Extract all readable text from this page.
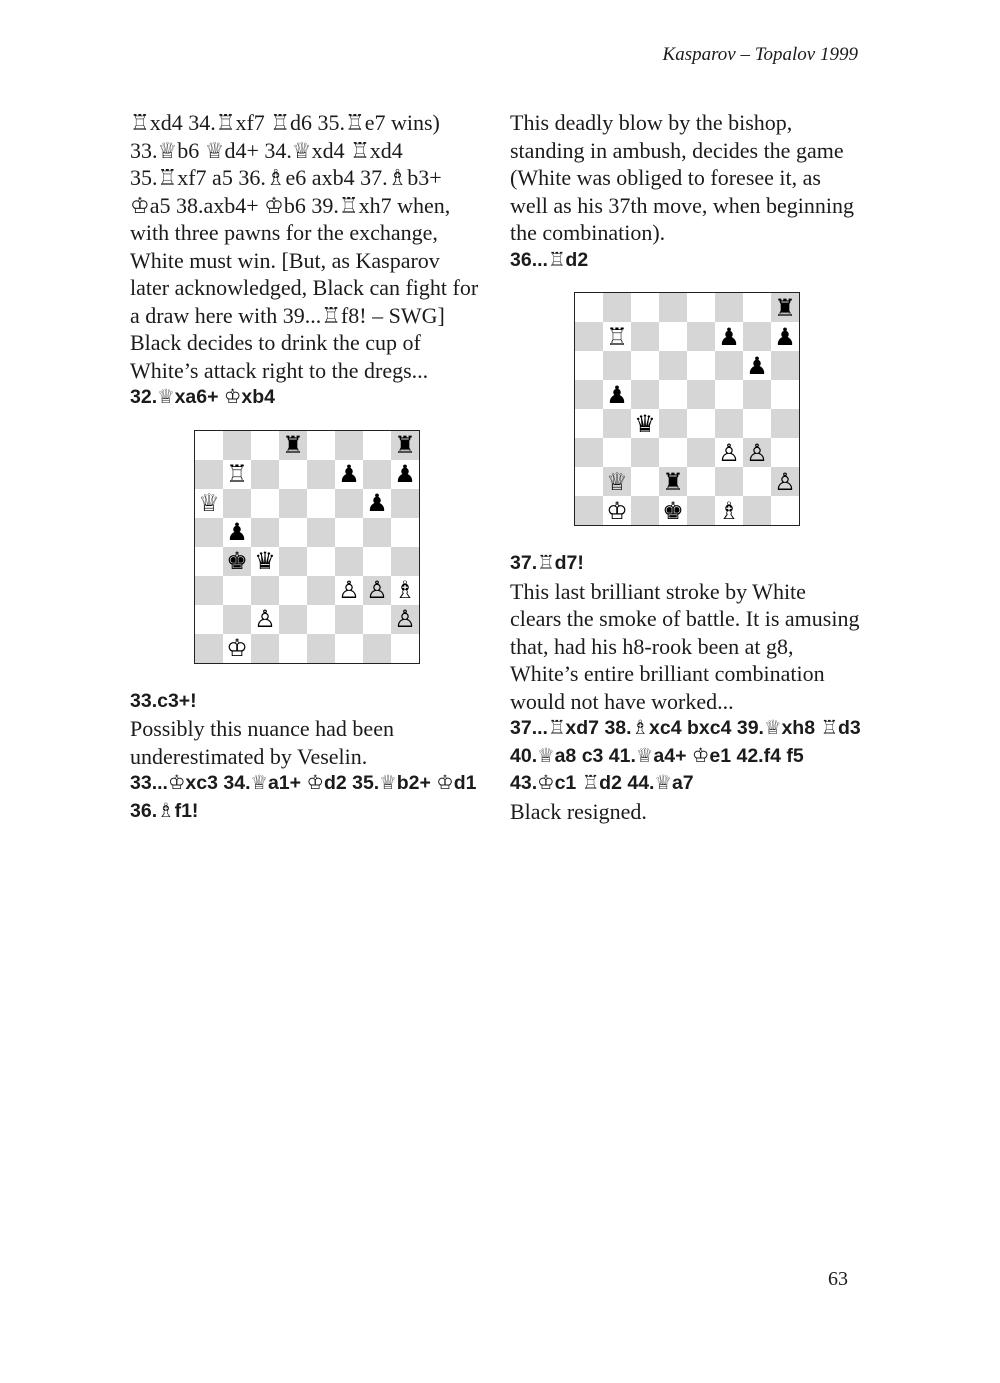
Kasparov – Topalov 1999

♖xd4 34.♖xf7 ♖d6 35.♖e7 wins) 33.♕b6 ♕d4+ 34.♕xd4 ♖xd4 35.♖xf7 a5 36.♗e6 axb4 37.♗b3+ ♔a5 38.axb4+ ♔b6 39.♖xh7 when, with three pawns for the exchange, White must win. [But, as Kasparov later acknowledged, Black can fight for a draw here with 39...♖f8! – SWG]

Black decides to drink the cup of White’s attack right to the dregs...

32.♕xa6+ ♔xb4

♜	♜
♖	♟ ♟
♕	♟
♟
♚ ♛
♙ ♙ ♗
♙	♙
♔

33.c3+!

Possibly this nuance had been underestimated by Veselin.

33...♔xc3 34.♕a1+ ♔d2 35.♕b2+ ♔d1 36.♗f1!

This deadly blow by the bishop, standing in ambush, decides the game (White was obliged to foresee it, as well as his 37th move, when beginning the combination).

36...♖d2

♜
♖	♟ ♟
♟
♟
♛
♙ ♙
♕ ♜	♙
♔ ♚ ♗

37.♖d7!

This last brilliant stroke by White clears the smoke of battle. It is amusing that, had his h8-rook been at g8, White’s entire brilliant combination would not have worked...

37...♖xd7 38.♗xc4 bxc4 39.♕xh8 ♖d3 40.♕a8 c3 41.♕a4+ ♔e1 42.f4 f5 43.♔c1 ♖d2 44.♕a7

Black resigned.

63
